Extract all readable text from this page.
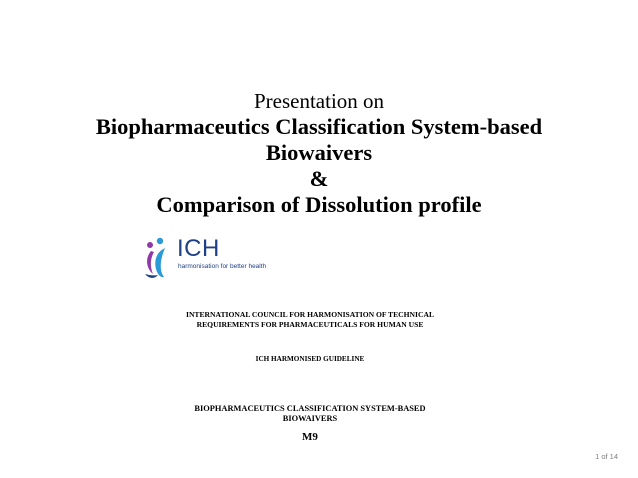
Presentation on
Biopharmaceutics Classification System-based
Biowaivers
&
Comparison of Dissolution profile
ICH
harmonisation for better health
INTERNATIONAL COUNCIL FOR HARMONISATION OF TECHNICAL
REQUIREMENTS FOR PHARMACEUTICALS FOR HUMAN USE
ICH HARMONISED GUIDELINE
BIOPHARMACEUTICS CLASSIFICATION SYSTEM-BASED
BIOWAIVERS
M9
1 of 14
